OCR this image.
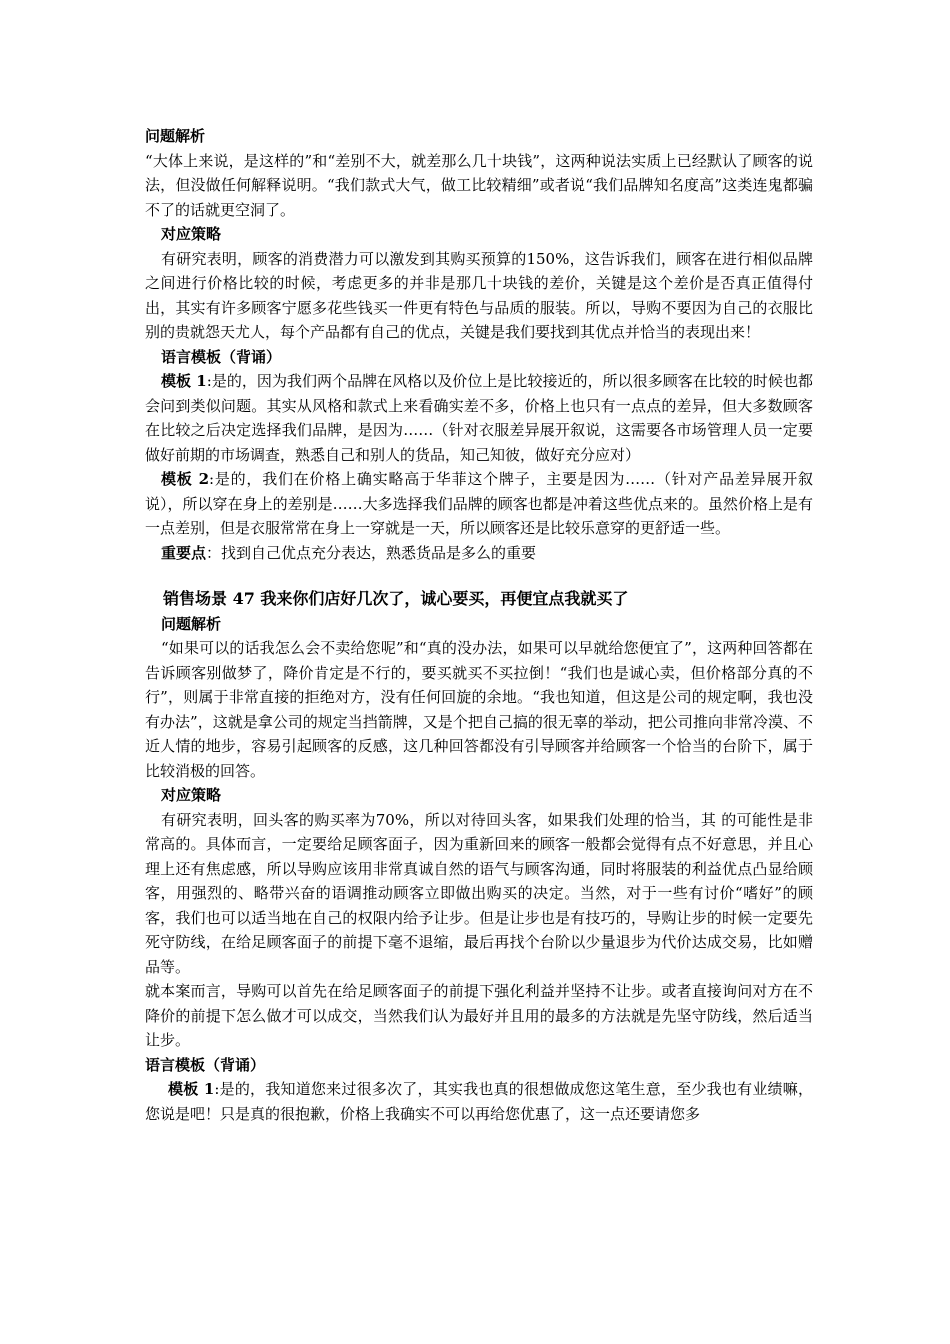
问题解析

“大体上来说，是这样的”和“差别不大，就差那么几十块钱”，这两种说法实质上已经默认了顾客的说法，但没做任何解释说明。“我们款式大气，做工比较精细”或者说“我们品牌知名度高”这类连鬼都骗不了的话就更空洞了。

对应策略

有研究表明，顾客的消费潜力可以激发到其购买预算的150%，这告诉我们，顾客在进行相似品牌之间进行价格比较的时候，考虑更多的并非是那几十块钱的差价，关键是这个差价是否真正值得付出，其实有许多顾客宁愿多花些钱买一件更有特色与品质的服装。所以，导购不要因为自己的衣服比别的贵就怨天尤人，每个产品都有自己的优点，关键是我们要找到其优点并恰当的表现出来！

语言模板（背诵）

模板 1:是的，因为我们两个品牌在风格以及价位上是比较接近的，所以很多顾客在比较的时候也都会问到类似问题。其实从风格和款式上来看确实差不多，价格上也只有一点点的差异，但大多数顾客在比较之后决定选择我们品牌，是因为……（针对衣服差异展开叙说，这需要各市场管理人员一定要做好前期的市场调查，熟悉自己和别人的货品，知己知彼，做好充分应对）

模板 2:是的，我们在价格上确实略高于华菲这个牌子，主要是因为……（针对产品差异展开叙说），所以穿在身上的差别是……大多选择我们品牌的顾客也都是冲着这些优点来的。虽然价格上是有一点差别，但是衣服常常在身上一穿就是一天，所以顾客还是比较乐意穿的更舒适一些。

重要点：找到自己优点充分表达，熟悉货品是多么的重要

销售场景 47 我来你们店好几次了，诚心要买，再便宜点我就买了

问题解析

“如果可以的话我怎么会不卖给您呢”和“真的没办法，如果可以早就给您便宜了”，这两种回答都在告诉顾客别做梦了，降价肯定是不行的，要买就买不买拉倒！“我们也是诚心卖，但价格部分真的不行”，则属于非常直接的拒绝对方，没有任何回旋的余地。“我也知道，但这是公司的规定啊，我也没有办法”，这就是拿公司的规定当挡箭牌，又是个把自己搞的很无辜的举动，把公司推向非常冷漠、不近人情的地步，容易引起顾客的反感，这几种回答都没有引导顾客并给顾客一个恰当的台阶下，属于比较消极的回答。

对应策略

有研究表明，回头客的购买率为70%，所以对待回头客，如果我们处理的恰当，其 的可能性是非常高的。具体而言，一定要给足顾客面子，因为重新回来的顾客一般都会觉得有点不好意思，并且心理上还有焦虑感，所以导购应该用非常真诚自然的语气与顾客沟通，同时将服装的利益优点凸显给顾客，用强烈的、略带兴奋的语调推动顾客立即做出购买的决定。当然，对于一些有讨价“嗜好”的顾客，我们也可以适当地在自己的权限内给予让步。但是让步也是有技巧的，导购让步的时候一定要先死守防线，在给足顾客面子的前提下毫不退缩，最后再找个台阶以少量退步为代价达成交易，比如赠品等。

就本案而言，导购可以首先在给足顾客面子的前提下强化利益并坚持不让步。或者直接询问对方在不降价的前提下怎么做才可以成交，当然我们认为最好并且用的最多的方法就是先坚守防线，然后适当让步。

语言模板（背诵）

模板 1:是的，我知道您来过很多次了，其实我也真的很想做成您这笔生意，至少我也有业绩嘛，您说是吧！只是真的很抱歉，价格上我确实不可以再给您优惠了，这一点还要请您多
